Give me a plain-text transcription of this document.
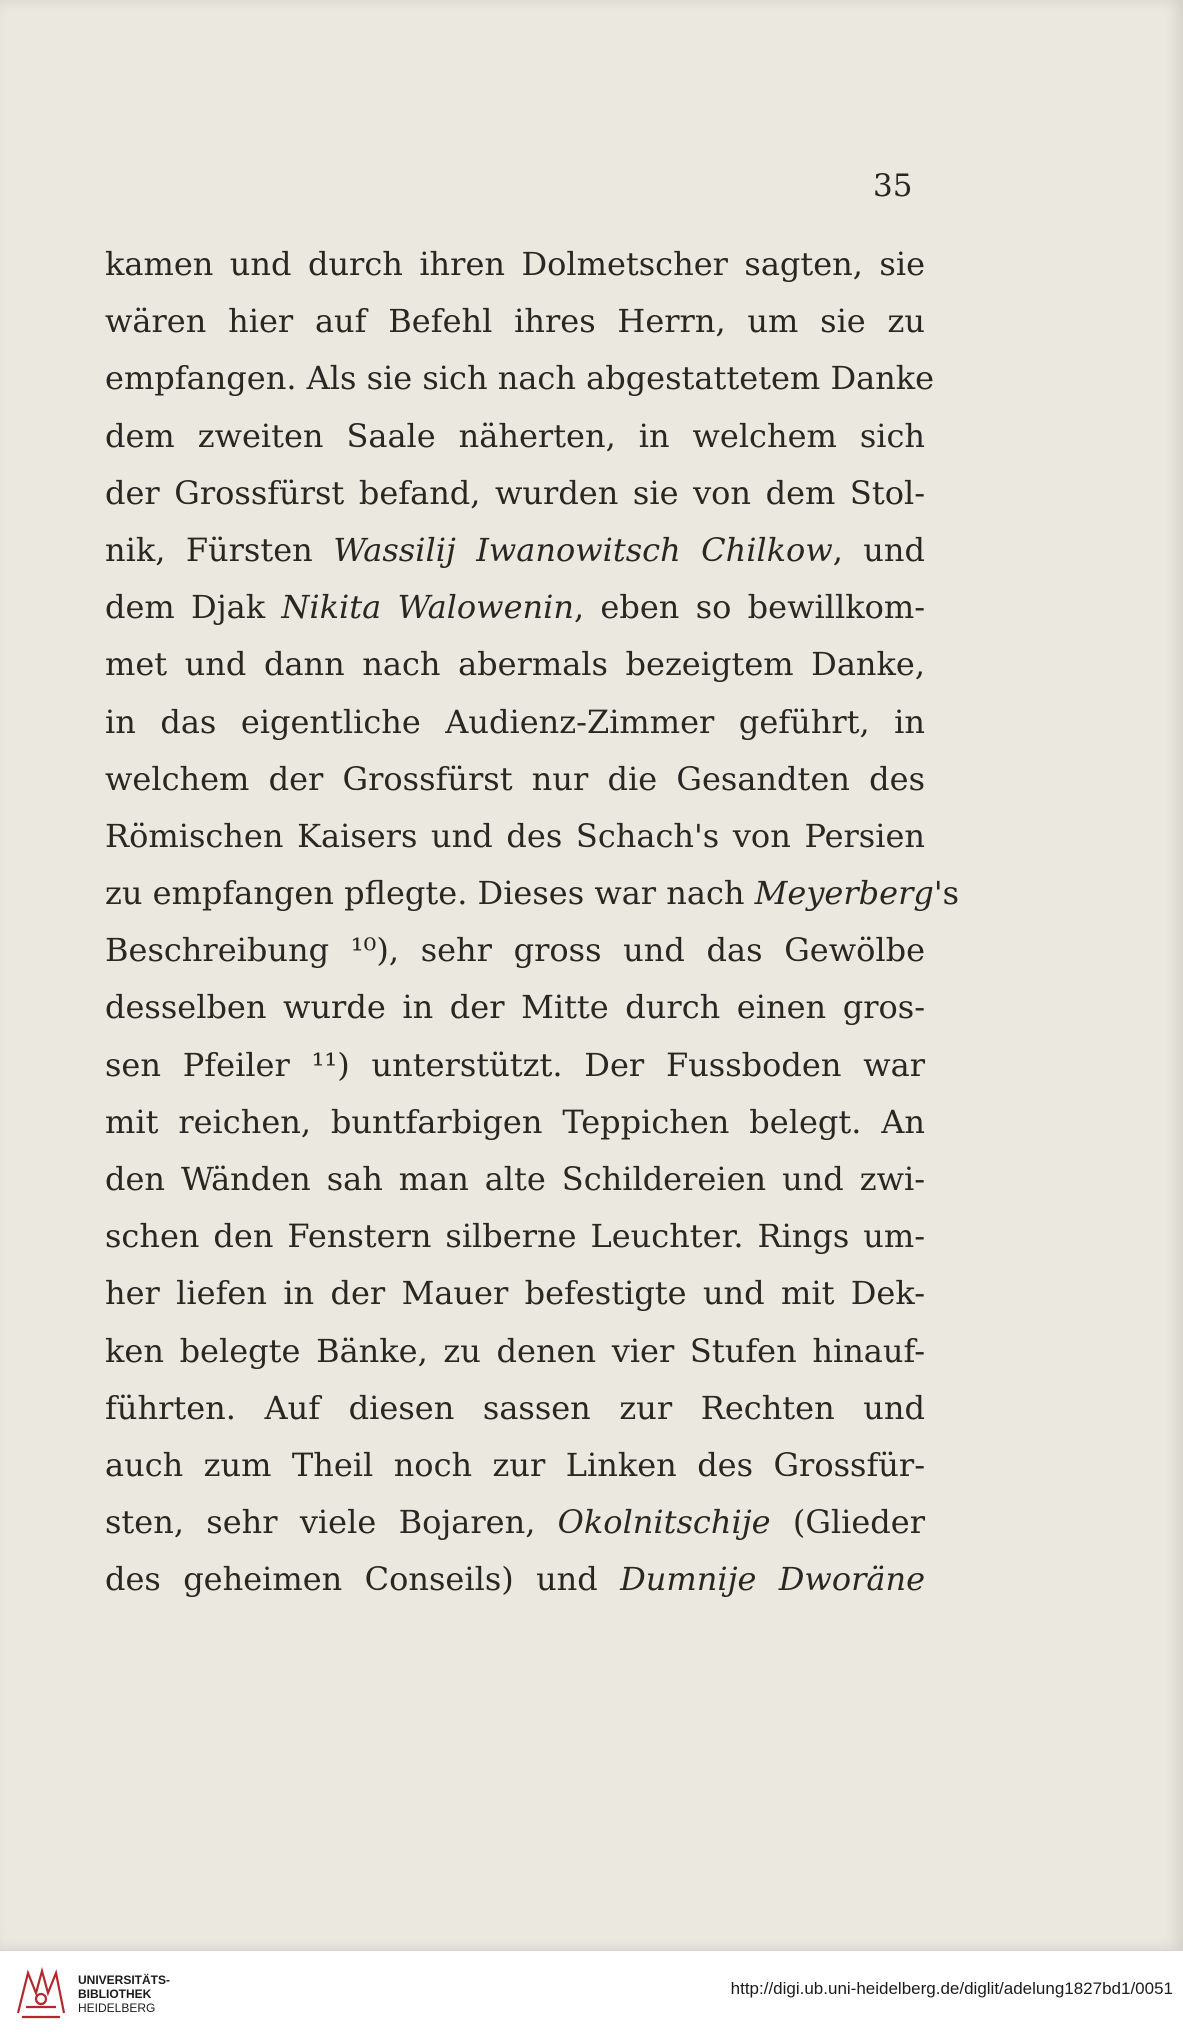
35

kamen und durch ihren Dolmetscher sagten, sie
wären hier auf Befehl ihres Herrn, um sie zu
empfangen. Als sie sich nach abgestattetem Danke
dem zweiten Saale näherten, in welchem sich
der Grossfürst befand, wurden sie von dem Stol-
nik, Fürsten Wassilij Iwanowitsch Chilkow, und
dem Djak Nikita Walowenin, eben so bewillkom-
met und dann nach abermals bezeigtem Danke,
in das eigentliche Audienz-Zimmer geführt, in
welchem der Grossfürst nur die Gesandten des
Römischen Kaisers und des Schach's von Persien
zu empfangen pflegte. Dieses war nach Meyerberg's
Beschreibung ¹⁰), sehr gross und das Gewölbe
desselben wurde in der Mitte durch einen gros-
sen Pfeiler ¹¹) unterstützt. Der Fussboden war
mit reichen, buntfarbigen Teppichen belegt. An
den Wänden sah man alte Schildereien und zwi-
schen den Fenstern silberne Leuchter. Rings um-
her liefen in der Mauer befestigte und mit Dek-
ken belegte Bänke, zu denen vier Stufen hinauf-
führten. Auf diesen sassen zur Rechten und
auch zum Theil noch zur Linken des Grossfür-
sten, sehr viele Bojaren, Okolnitschije (Glieder
des geheimen Conseils) und Dumnije Dworäne
UNIVERSITÄTS-
BIBLIOTHEK
HEIDELBERG
http://digi.ub.uni-heidelberg.de/diglit/adelung1827bd1/0051
